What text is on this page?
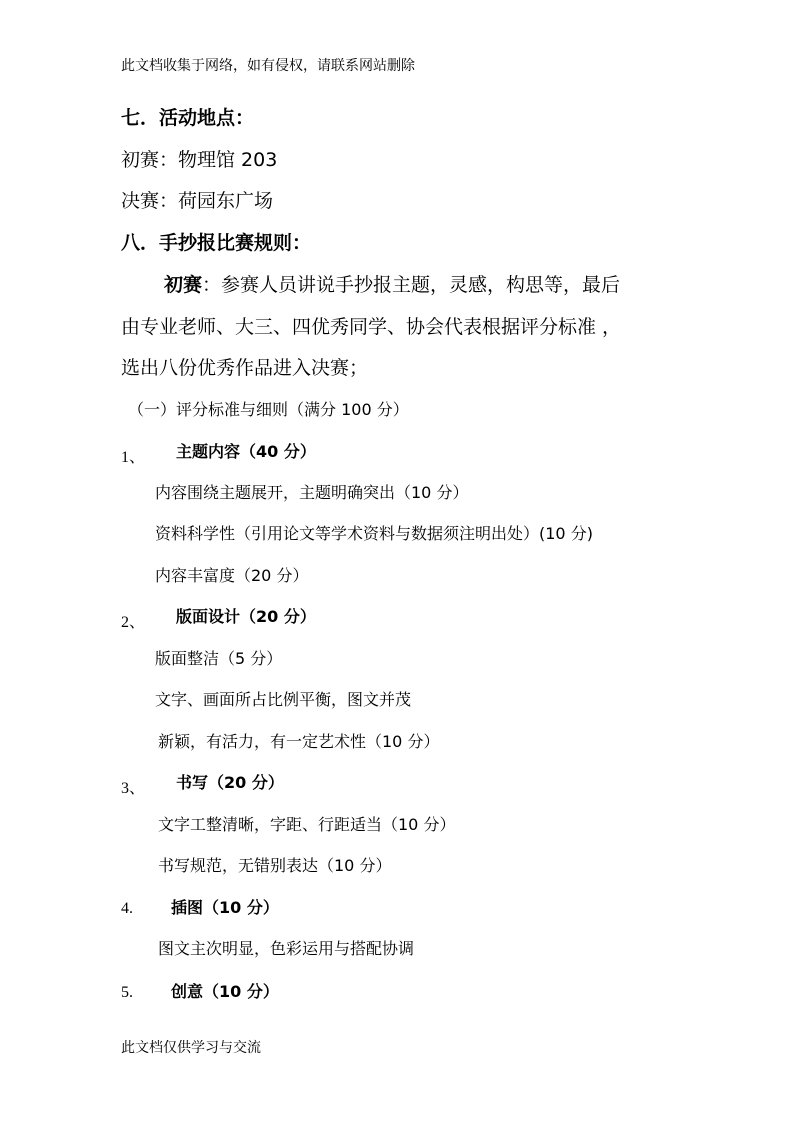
此文档收集于网络，如有侵权，请联系网站删除
七．活动地点：
初赛：物理馆 203
决赛：荷园东广场
八．手抄报比赛规则：
初赛：参赛人员讲说手抄报主题，灵感，构思等，最后
由专业老师、大三、四优秀同学、协会代表根据评分标准 ，
选出八份优秀作品进入决赛；
（一）评分标准与细则（满分 100 分）
1、 主题内容（40 分）
内容围绕主题展开，主题明确突出（10 分）
资料科学性（引用论文等学术资料与数据须注明出处）(10 分)
内容丰富度（20 分）
2、 版面设计（20 分）
版面整洁（5 分）
文字、画面所占比例平衡，图文并茂
新颖，有活力，有一定艺术性（10 分）
3、 书写（20 分）
文字工整清晰，字距、行距适当（10 分）
书写规范，无错别表达（10 分）
4. 插图（10 分）
图文主次明显，色彩运用与搭配协调
5. 创意（10 分）
此文档仅供学习与交流
